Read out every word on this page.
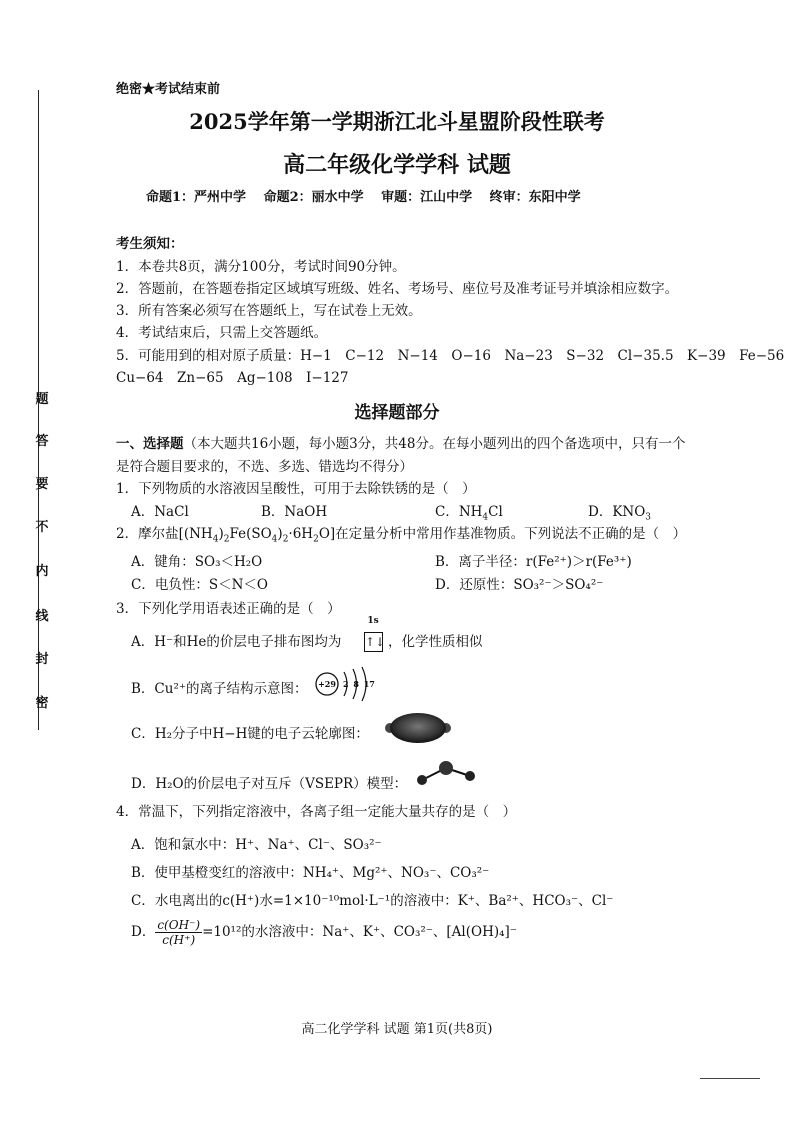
题
答
要
不
内
线
封
密
绝密★考试结束前
2025学年第一学期浙江北斗星盟阶段性联考
高二年级化学学科 试题
命题1：严州中学　 命题2：丽水中学　 审题：江山中学　 终审：东阳中学
考生须知：
1．本卷共8页，满分100分，考试时间90分钟。
2．答题前，在答题卷指定区域填写班级、姓名、考场号、座位号及准考证号并填涂相应数字。
3．所有答案必须写在答题纸上，写在试卷上无效。
4．考试结束后，只需上交答题纸。
5．可能用到的相对原子质量：H−1　C−12　N−14　O−16　Na−23　S−32　Cl−35.5　K−39　Fe−56
Cu−64　Zn−65　Ag−108　I−127
选择题部分
一、选择题（本大题共16小题，每小题3分，共48分。在每小题列出的四个备选项中，只有一个
是符合题目要求的，不选、多选、错选均不得分）
1．下列物质的水溶液因呈酸性，可用于去除铁锈的是（　）
A．NaCl	B．NaOH	C．$NH_4Cl$	D．$KNO_3$
2．摩尔盐$[(NH_4)_2Fe(SO_4)_2\cdot 6H_2O]$在定量分析中常用作基准物质。下列说法不正确的是（　）
A．键角：SO₃＜H₂O	B．离子半径：r(Fe²⁺)＞r(Fe³⁺)
C．电负性：S＜N＜O	D．还原性：SO₃²⁻＞SO₄²⁻
3．下列化学用语表述正确的是（　）
A．H⁻和He的价层电子排布图均为
1s
↑↓ ，化学性质相似
B．Cu²⁺的离子结构示意图： +29 2 8 17
C．H₂分子中H−H键的电子云轮廓图：
D．H₂O的价层电子对互斥（VSEPR）模型：
4．常温下，下列指定溶液中，各离子组一定能大量共存的是（　）
A．饱和氯水中：H⁺、Na⁺、Cl⁻、SO₃²⁻
B．使甲基橙变红的溶液中：NH₄⁺、Mg²⁺、NO₃⁻、CO₃²⁻
C．水电离出的c(H⁺)水=1×10⁻¹⁰mol·L⁻¹的溶液中：K⁺、Ba²⁺、HCO₃⁻、Cl⁻
D． $\frac{c(OH^-)}{c(H^+)} =10^{12}$的水溶液中：Na⁺、K⁺、CO₃²⁻、[Al(OH)₄]⁻
高二化学学科 试题 第1页(共8页)
